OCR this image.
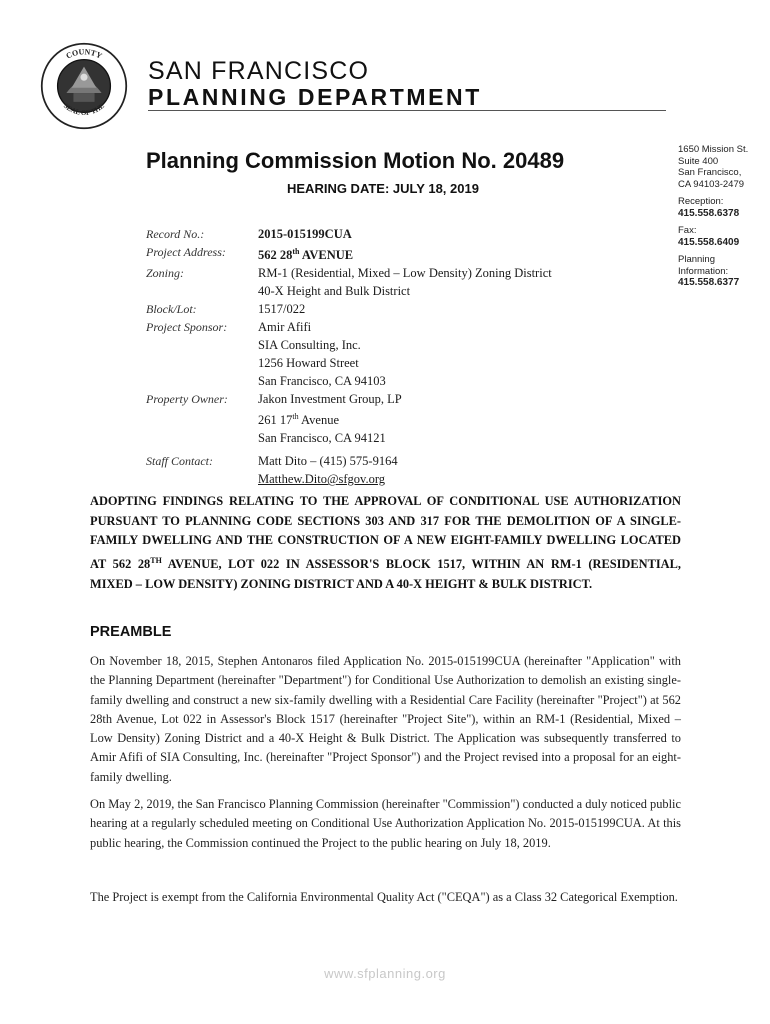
COUNTY
SEAL OF THE
SAN FRANCISCO
PLANNING DEPARTMENT
1650 Mission St.
Suite 400
San Francisco,
CA 94103-2479
Reception:
415.558.6378
Fax:
415.558.6409
Planning
Information:
415.558.6377
Planning Commission Motion No. 20489
HEARING DATE: JULY 18, 2019
Record No.:	2015-015199CUA
Project Address:	562 28th AVENUE
Zoning:	RM-1 (Residential, Mixed – Low Density) Zoning District
40-X Height and Bulk District
Block/Lot:	1517/022
Project Sponsor:	Amir Afifi
SIA Consulting, Inc.
1256 Howard Street
San Francisco, CA 94103
Property Owner:	Jakon Investment Group, LP
261 17th Avenue
San Francisco, CA 94121
Staff Contact:	Matt Dito – (415) 575-9164
Matthew.Dito@sfgov.org
ADOPTING FINDINGS RELATING TO THE APPROVAL OF CONDITIONAL USE AUTHORIZATION PURSUANT TO PLANNING CODE SECTIONS 303 AND 317 FOR THE DEMOLITION OF A SINGLE-FAMILY DWELLING AND THE CONSTRUCTION OF A NEW EIGHT-FAMILY DWELLING LOCATED AT 562 28TH AVENUE, LOT 022 IN ASSESSOR'S BLOCK 1517, WITHIN AN RM-1 (RESIDENTIAL, MIXED – LOW DENSITY) ZONING DISTRICT AND A 40-X HEIGHT & BULK DISTRICT.
PREAMBLE
On November 18, 2015, Stephen Antonaros filed Application No. 2015-015199CUA (hereinafter "Application" with the Planning Department (hereinafter "Department") for Conditional Use Authorization to demolish an existing single-family dwelling and construct a new six-family dwelling with a Residential Care Facility (hereinafter "Project") at 562 28th Avenue, Lot 022 in Assessor's Block 1517 (hereinafter "Project Site"), within an RM-1 (Residential, Mixed – Low Density) Zoning District and a 40-X Height & Bulk District. The Application was subsequently transferred to Amir Afifi of SIA Consulting, Inc. (hereinafter "Project Sponsor") and the Project revised into a proposal for an eight-family dwelling.
On May 2, 2019, the San Francisco Planning Commission (hereinafter "Commission") conducted a duly noticed public hearing at a regularly scheduled meeting on Conditional Use Authorization Application No. 2015-015199CUA. At this public hearing, the Commission continued the Project to the public hearing on July 18, 2019.
The Project is exempt from the California Environmental Quality Act ("CEQA") as a Class 32 Categorical Exemption.
www.sfplanning.org
